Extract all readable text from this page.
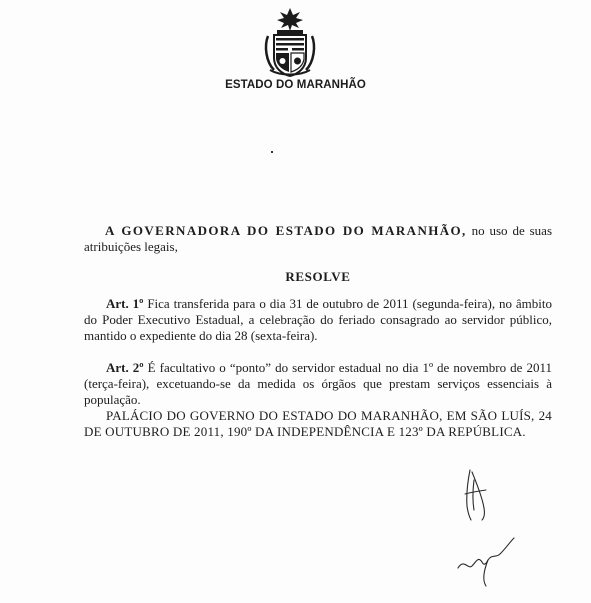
ESTADO DO MARANHÃO
A GOVERNADORA DO ESTADO DO MARANHÃO, no uso de suas atribuições legais,
RESOLVE
Art. 1º Fica transferida para o dia 31 de outubro de 2011 (segunda-feira), no âmbito do Poder Executivo Estadual, a celebração do feriado consagrado ao servidor público, mantido o expediente do dia 28 (sexta-feira).
Art. 2º É facultativo o “ponto” do servidor estadual no dia 1º de novembro de 2011 (terça-feira), excetuando-se da medida os órgãos que prestam serviços essenciais à população.
PALÁCIO DO GOVERNO DO ESTADO DO MARANHÃO, EM SÃO LUÍS, 24 DE OUTUBRO DE 2011, 190º DA INDEPENDÊNCIA E 123º DA REPÚBLICA.
